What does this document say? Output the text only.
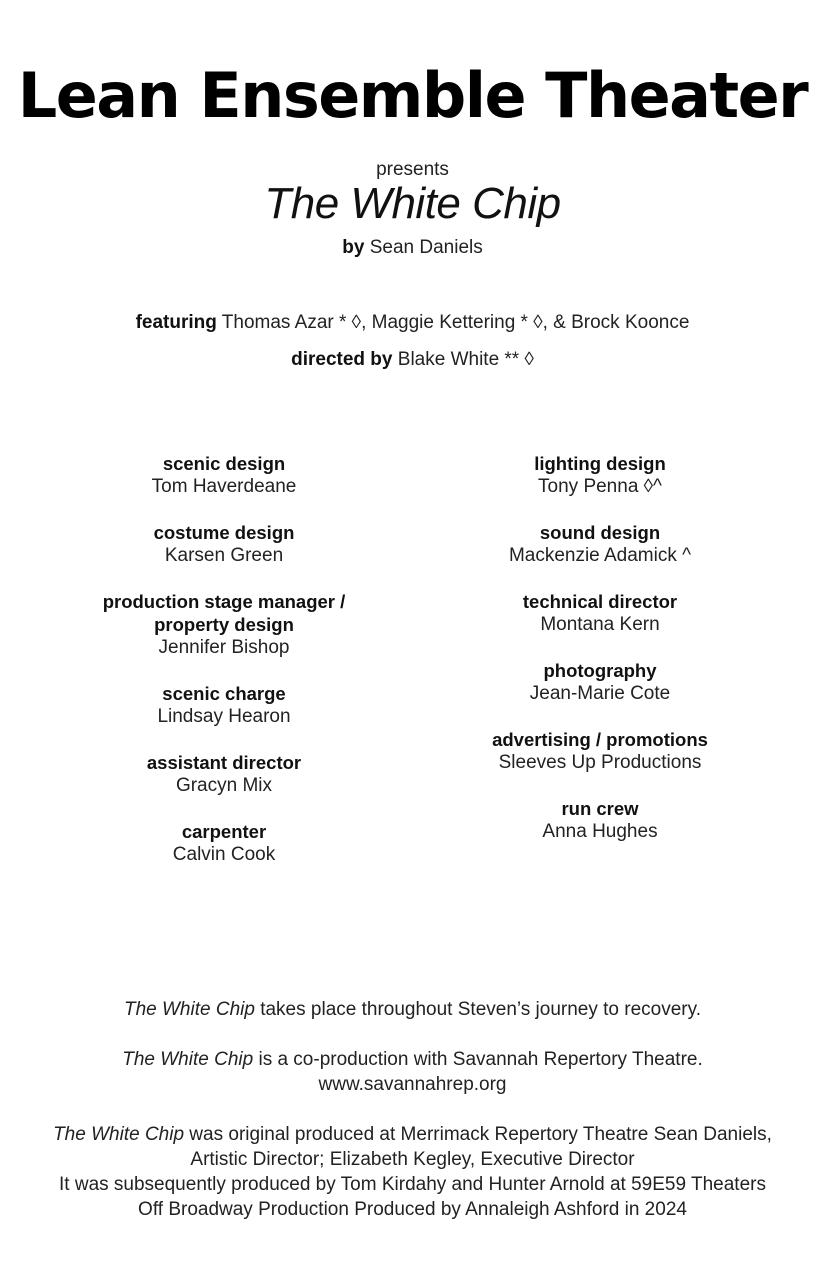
Lean Ensemble Theater
presents
The White Chip
by Sean Daniels
featuring Thomas Azar * ◊, Maggie Kettering * ◊, & Brock Koonce
directed by Blake White ** ◊
scenic design
Tom Haverdeane
costume design
Karsen Green
production stage manager / property design
Jennifer Bishop
scenic charge
Lindsay Hearon
assistant director
Gracyn Mix
carpenter
Calvin Cook
lighting design
Tony Penna ◊^
sound design
Mackenzie Adamick ^
technical director
Montana Kern
photography
Jean-Marie Cote
advertising / promotions
Sleeves Up Productions
run crew
Anna Hughes

The White Chip takes place throughout Steven’s journey to recovery.

The White Chip is a co-production with Savannah Repertory Theatre.

www.savannahrep.org

The White Chip was original produced at Merrimack Repertory Theatre Sean Daniels,

Artistic Director; Elizabeth Kegley, Executive Director

It was subsequently produced by Tom Kirdahy and Hunter Arnold at 59E59 Theaters

Off Broadway Production Produced by Annaleigh Ashford in 2024
